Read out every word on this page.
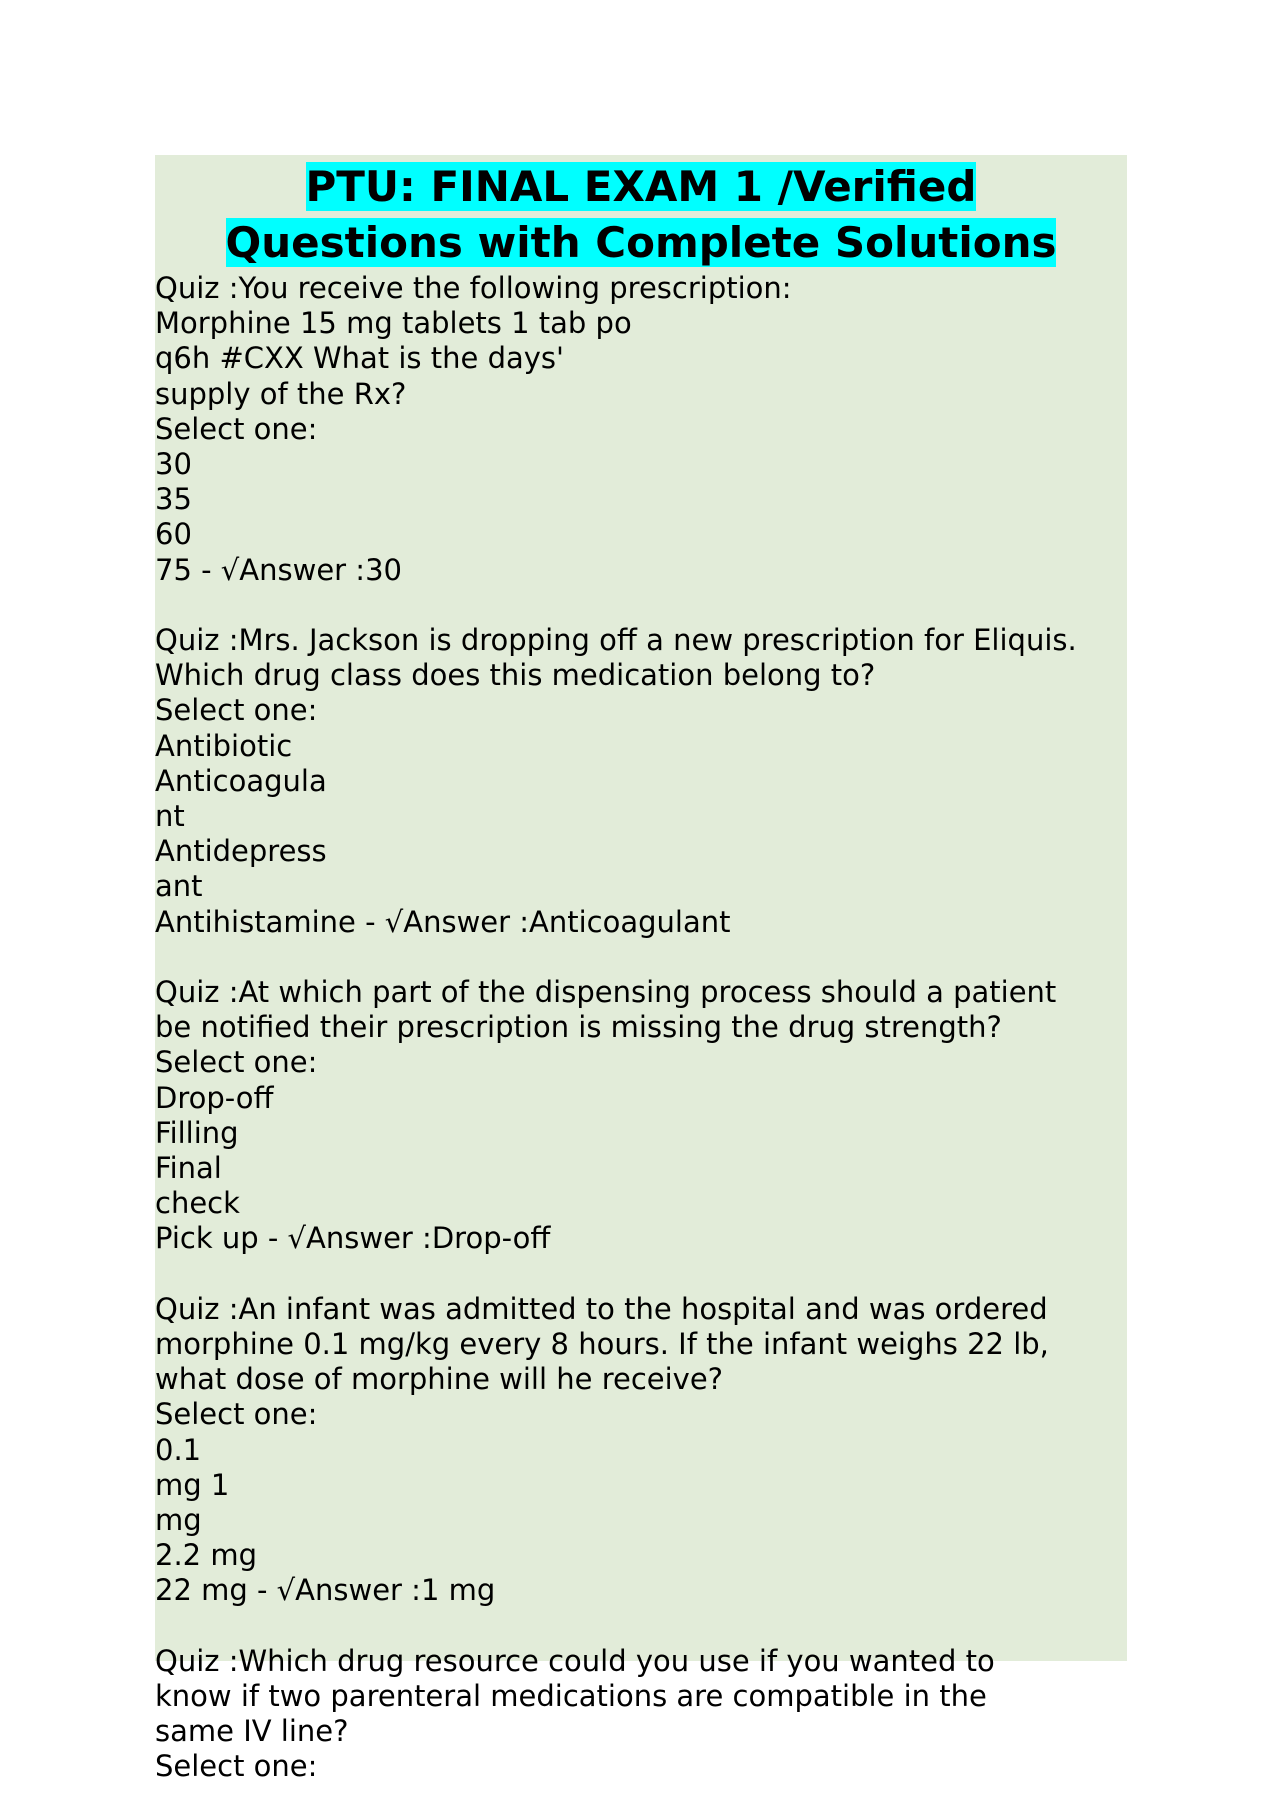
PTU: FINAL EXAM 1 /Verified
Questions with Complete Solutions
Quiz :You receive the following prescription:
Morphine 15 mg tablets 1 tab po
q6h #CXX What is the days'
supply of the Rx?
Select one:
30
35
60
75 - √Answer :30
Quiz :Mrs. Jackson is dropping off a new prescription for Eliquis.
Which drug class does this medication belong to?
Select one:
Antibiotic
Anticoagula
nt
Antidepress
ant
Antihistamine - √Answer :Anticoagulant
Quiz :At which part of the dispensing process should a patient
be notified their prescription is missing the drug strength?
Select one:
Drop-off
Filling
Final
check
Pick up - √Answer :Drop-off
Quiz :An infant was admitted to the hospital and was ordered
morphine 0.1 mg/kg every 8 hours. If the infant weighs 22 lb,
what dose of morphine will he receive?
Select one:
0.1
mg 1
mg
2.2 mg
22 mg - √Answer :1 mg
Quiz :Which drug resource could you use if you wanted to
know if two parenteral medications are compatible in the
same IV line?
Select one:
